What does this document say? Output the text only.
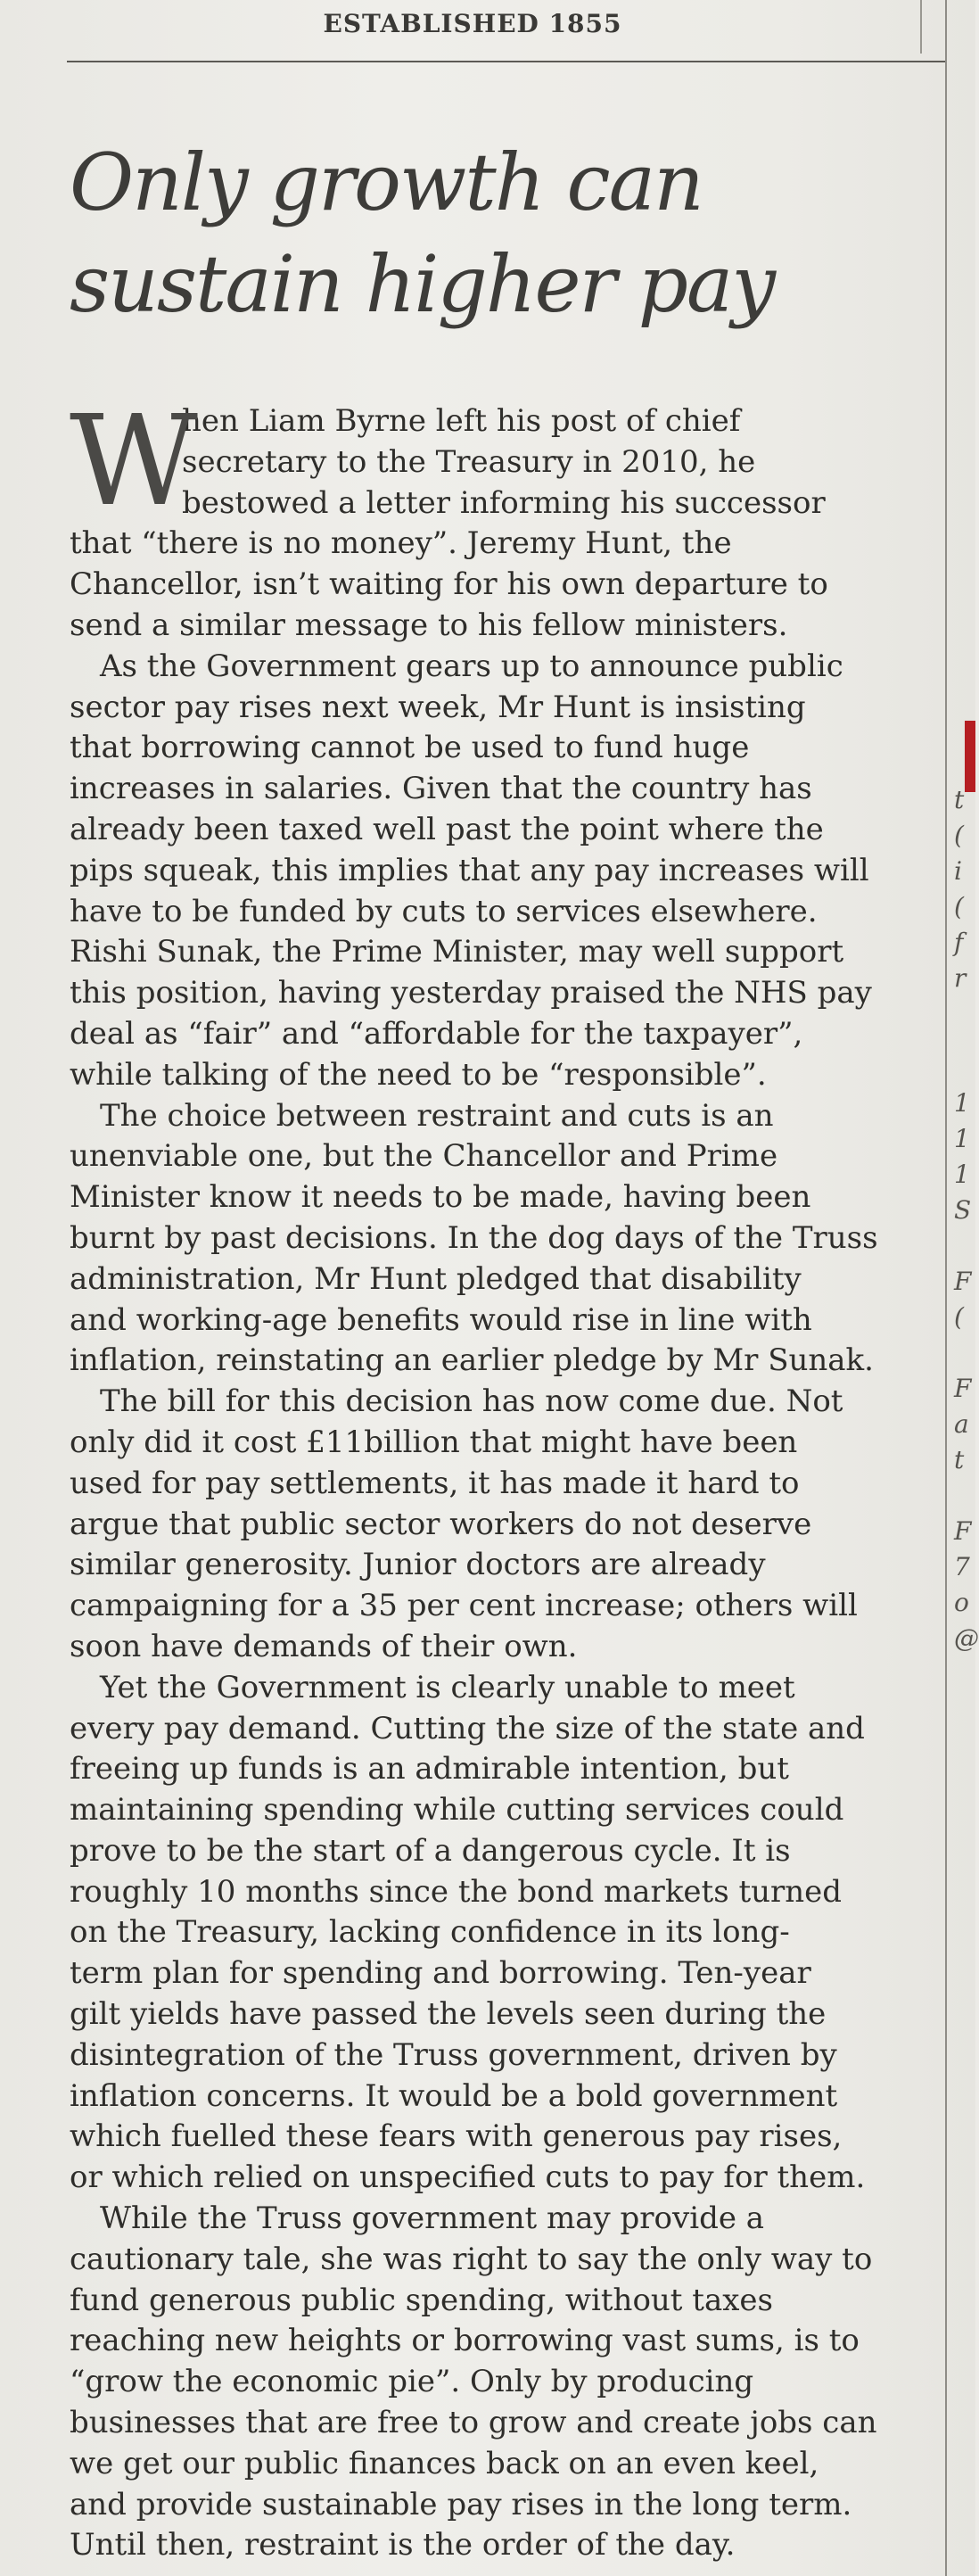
ESTABLISHED 1855
Only growth can
sustain higher pay

W
hen Liam Byrne left his post of chief
secretary to the Treasury in 2010, he
bestowed a letter informing his successor
that “there is no money”. Jeremy Hunt, the
Chancellor, isn’t waiting for his own departure to
send a similar message to his fellow ministers.

As the Government gears up to announce public
sector pay rises next week, Mr Hunt is insisting
that borrowing cannot be used to fund huge
increases in salaries. Given that the country has
already been taxed well past the point where the
pips squeak, this implies that any pay increases will
have to be funded by cuts to services elsewhere.
Rishi Sunak, the Prime Minister, may well support
this position, having yesterday praised the NHS pay
deal as “fair” and “affordable for the taxpayer”,
while talking of the need to be “responsible”.

The choice between restraint and cuts is an
unenviable one, but the Chancellor and Prime
Minister know it needs to be made, having been
burnt by past decisions. In the dog days of the Truss
administration, Mr Hunt pledged that disability
and working-age benefits would rise in line with
inflation, reinstating an earlier pledge by Mr Sunak.

The bill for this decision has now come due. Not
only did it cost £11billion that might have been
used for pay settlements, it has made it hard to
argue that public sector workers do not deserve
similar generosity. Junior doctors are already
campaigning for a 35 per cent increase; others will
soon have demands of their own.

Yet the Government is clearly unable to meet
every pay demand. Cutting the size of the state and
freeing up funds is an admirable intention, but
maintaining spending while cutting services could
prove to be the start of a dangerous cycle. It is
roughly 10 months since the bond markets turned
on the Treasury, lacking confidence in its long-
term plan for spending and borrowing. Ten-year
gilt yields have passed the levels seen during the
disintegration of the Truss government, driven by
inflation concerns. It would be a bold government
which fuelled these fears with generous pay rises,
or which relied on unspecified cuts to pay for them.

While the Truss government may provide a
cautionary tale, she was right to say the only way to
fund generous public spending, without taxes
reaching new heights or borrowing vast sums, is to
“grow the economic pie”. Only by producing
businesses that are free to grow and create jobs can
we get our public finances back on an even keel,
and provide sustainable pay rises in the long term.
Until then, restraint is the order of the day.

t
(
i
(
f
r
1
1
1
S
F
(
F
a
t
F
7
o
@
